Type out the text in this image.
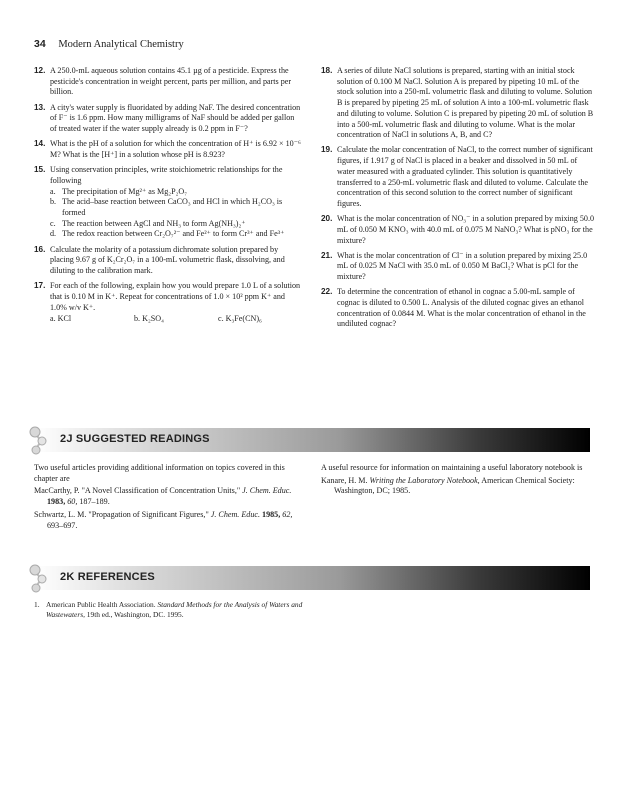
34 Modern Analytical Chemistry
12. A 250.0-mL aqueous solution contains 45.1 µg of a pesticide. Express the pesticide's concentration in weight percent, parts per million, and parts per billion.
13. A city's water supply is fluoridated by adding NaF. The desired concentration of F⁻ is 1.6 ppm. How many milligrams of NaF should be added per gallon of treated water if the water supply already is 0.2 ppm in F⁻?
14. What is the pH of a solution for which the concentration of H⁺ is 6.92 × 10⁻⁶ M? What is the [H⁺] in a solution whose pH is 8.923?
15. Using conservation principles, write stoichiometric relationships for the following
a. The precipitation of Mg²⁺ as Mg₂P₂O₇
b. The acid–base reaction between CaCO₃ and HCl in which H₂CO₃ is formed
c. The reaction between AgCl and NH₃ to form Ag(NH₃)₂⁺
d. The redox reaction between Cr₂O₇²⁻ and Fe²⁺ to form Cr³⁺ and Fe³⁺
16. Calculate the molarity of a potassium dichromate solution prepared by placing 9.67 g of K₂Cr₂O₇ in a 100-mL volumetric flask, dissolving, and diluting to the calibration mark.
17. For each of the following, explain how you would prepare 1.0 L of a solution that is 0.10 M in K⁺. Repeat for concentrations of 1.0 × 10² ppm K⁺ and 1.0% w/v K⁺.
a. KCl	b. K₂SO₄	c. K₃Fe(CN)₆
18. A series of dilute NaCl solutions is prepared, starting with an initial stock solution of 0.100 M NaCl. Solution A is prepared by pipeting 10 mL of the stock solution into a 250-mL volumetric flask and diluting to volume. Solution B is prepared by pipeting 25 mL of solution A into a 100-mL volumetric flask and diluting to volume. Solution C is prepared by pipeting 20 mL of solution B into a 500-mL volumetric flask and diluting to volume. What is the molar concentration of NaCl in solutions A, B, and C?
19. Calculate the molar concentration of NaCl, to the correct number of significant figures, if 1.917 g of NaCl is placed in a beaker and dissolved in 50 mL of water measured with a graduated cylinder. This solution is quantitatively transferred to a 250-mL volumetric flask and diluted to volume. Calculate the concentration of this second solution to the correct number of significant figures.
20. What is the molar concentration of NO₃⁻ in a solution prepared by mixing 50.0 mL of 0.050 M KNO₃ with 40.0 mL of 0.075 M NaNO₃? What is pNO₃ for the mixture?
21. What is the molar concentration of Cl⁻ in a solution prepared by mixing 25.0 mL of 0.025 M NaCl with 35.0 mL of 0.050 M BaCl₂? What is pCl for the mixture?
22. To determine the concentration of ethanol in cognac a 5.00-mL sample of cognac is diluted to 0.500 L. Analysis of the diluted cognac gives an ethanol concentration of 0.0844 M. What is the molar concentration of ethanol in the undiluted cognac?
2J SUGGESTED READINGS

Two useful articles providing additional information on topics covered in this chapter are

MacCarthy, P. "A Novel Classification of Concentration Units," J. Chem. Educ. 1983, 60, 187–189.

Schwartz, L. M. "Propagation of Significant Figures," J. Chem. Educ. 1985, 62, 693–697.

A useful resource for information on maintaining a useful laboratory notebook is

Kanare, H. M. Writing the Laboratory Notebook, American Chemical Society: Washington, DC; 1985.

2K REFERENCES
1. American Public Health Association. Standard Methods for the Analysis of Waters and Wastewaters, 19th ed., Washington, DC. 1995.
